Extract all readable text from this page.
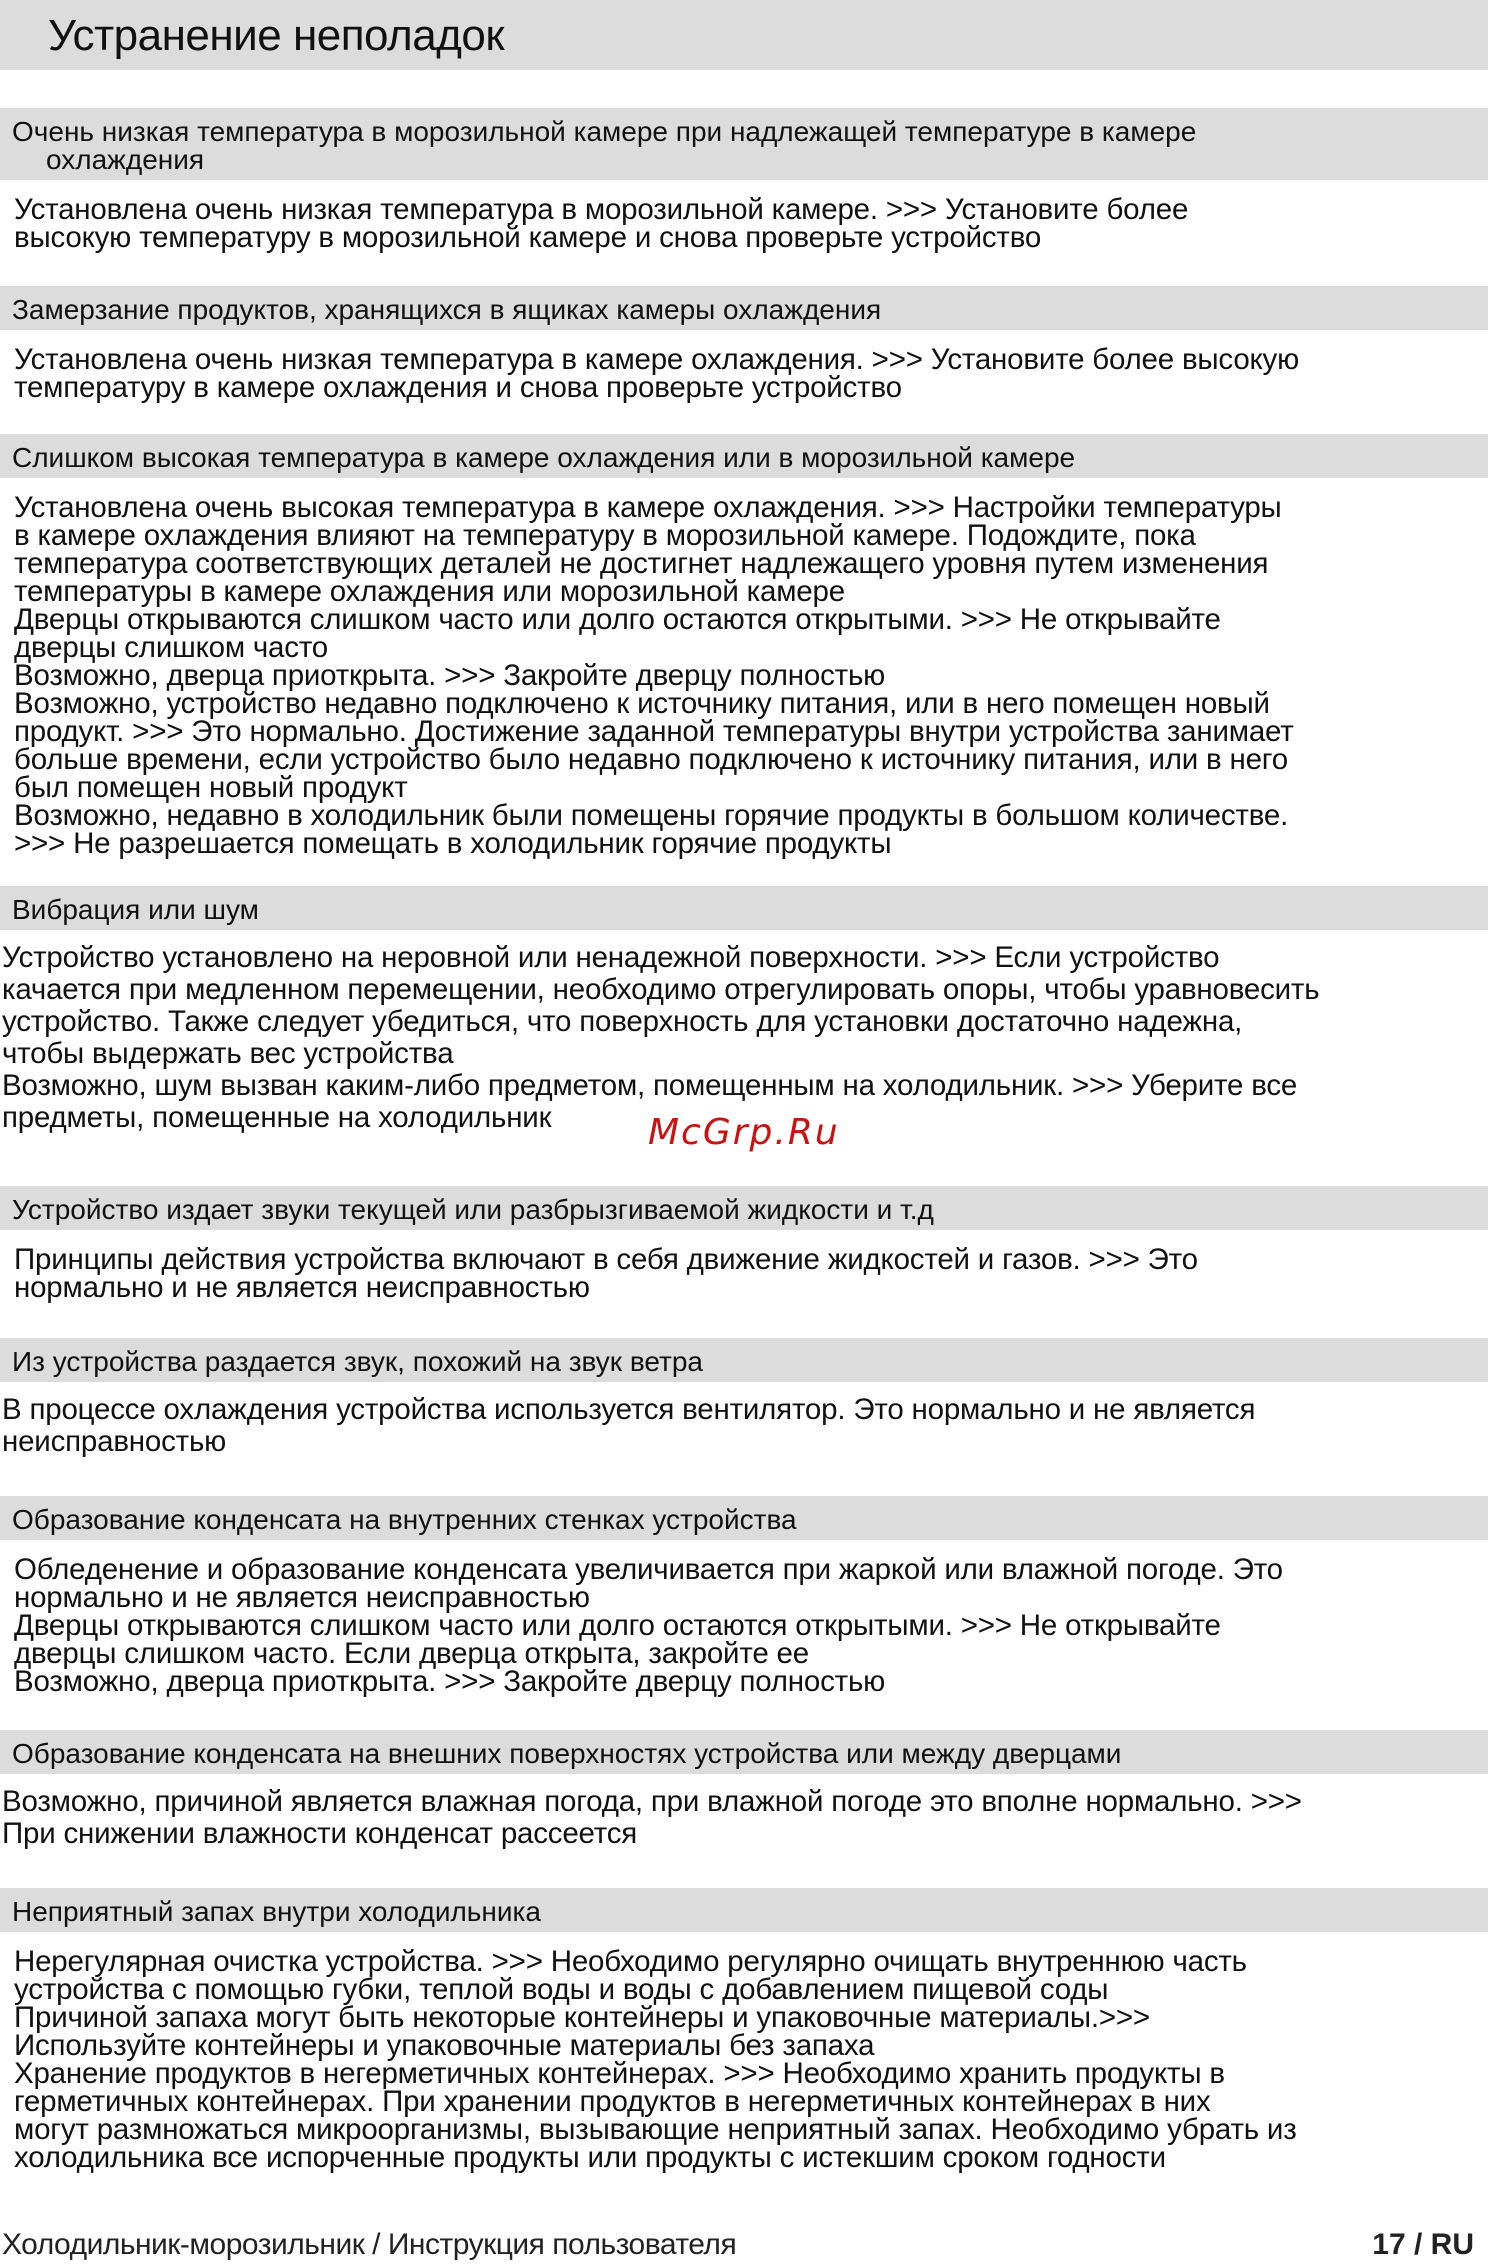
Устранение неполадок
Очень низкая температура в морозильной камере при надлежащей температуре в камере
охлаждения
Установлена очень низкая температура в морозильной камере. >>> Установите более
высокую температуру в морозильной камере и снова проверьте устройство
Замерзание продуктов, хранящихся в ящиках камеры охлаждения
Установлена очень низкая температура в камере охлаждения. >>> Установите более высокую
температуру в камере охлаждения и снова проверьте устройство
Слишком высокая температура в камере охлаждения или в морозильной камере
Установлена очень высокая температура в камере охлаждения. >>> Настройки температуры
в камере охлаждения влияют на температуру в морозильной камере. Подождите, пока
температура соответствующих деталей не достигнет надлежащего уровня путем изменения
температуры в камере охлаждения или морозильной камере
Дверцы открываются слишком часто или долго остаются открытыми. >>> Не открывайте
дверцы слишком часто
Возможно, дверца приоткрыта. >>> Закройте дверцу полностью
Возможно, устройство недавно подключено к источнику питания, или в него помещен новый
продукт. >>> Это нормально. Достижение заданной температуры внутри устройства занимает
больше времени, если устройство было недавно подключено к источнику питания, или в него
был помещен новый продукт
Возможно, недавно в холодильник были помещены горячие продукты в большом количестве.
>>> Не разрешается помещать в холодильник горячие продукты
Вибрация или шум
Устройство установлено на неровной или ненадежной поверхности. >>> Если устройство
качается при медленном перемещении, необходимо отрегулировать опоры, чтобы уравновесить
устройство. Также следует убедиться, что поверхность для установки достаточно надежна,
чтобы выдержать вес устройства
Возможно, шум вызван каким-либо предметом, помещенным на холодильник. >>> Уберите все
предметы, помещенные на холодильник	McGrp.Ru
Устройство издает звуки текущей или разбрызгиваемой жидкости и т.д
Принципы действия устройства включают в себя движение жидкостей и газов. >>> Это
нормально и не является неисправностью
Из устройства раздается звук, похожий на звук ветра
В процессе охлаждения устройства используется вентилятор. Это нормально и не является
неисправностью
Образование конденсата на внутренних стенках устройства
Обледенение и образование конденсата увеличивается при жаркой или влажной погоде. Это
нормально и не является неисправностью
Дверцы открываются слишком часто или долго остаются открытыми. >>> Не открывайте
дверцы слишком часто. Если дверца открыта, закройте ее
Возможно, дверца приоткрыта. >>> Закройте дверцу полностью
Образование конденсата на внешних поверхностях устройства или между дверцами
Возможно, причиной является влажная погода, при влажной погоде это вполне нормально. >>>
При снижении влажности конденсат рассеется
Неприятный запах внутри холодильника
Нерегулярная очистка устройства. >>> Необходимо регулярно очищать внутреннюю часть
устройства с помощью губки, теплой воды и воды с добавлением пищевой соды
Причиной запаха могут быть некоторые контейнеры и упаковочные материалы.>>>
Используйте контейнеры и упаковочные материалы без запаха
Хранение продуктов в негерметичных контейнерах. >>> Необходимо хранить продукты в
герметичных контейнерах. При хранении продуктов в негерметичных контейнерах в них
могут размножаться микроорганизмы, вызывающие неприятный запах. Необходимо убрать из
холодильника все испорченные продукты или продукты с истекшим сроком годности
Холодильник-морозильник / Инструкция пользователя	17 / RU
